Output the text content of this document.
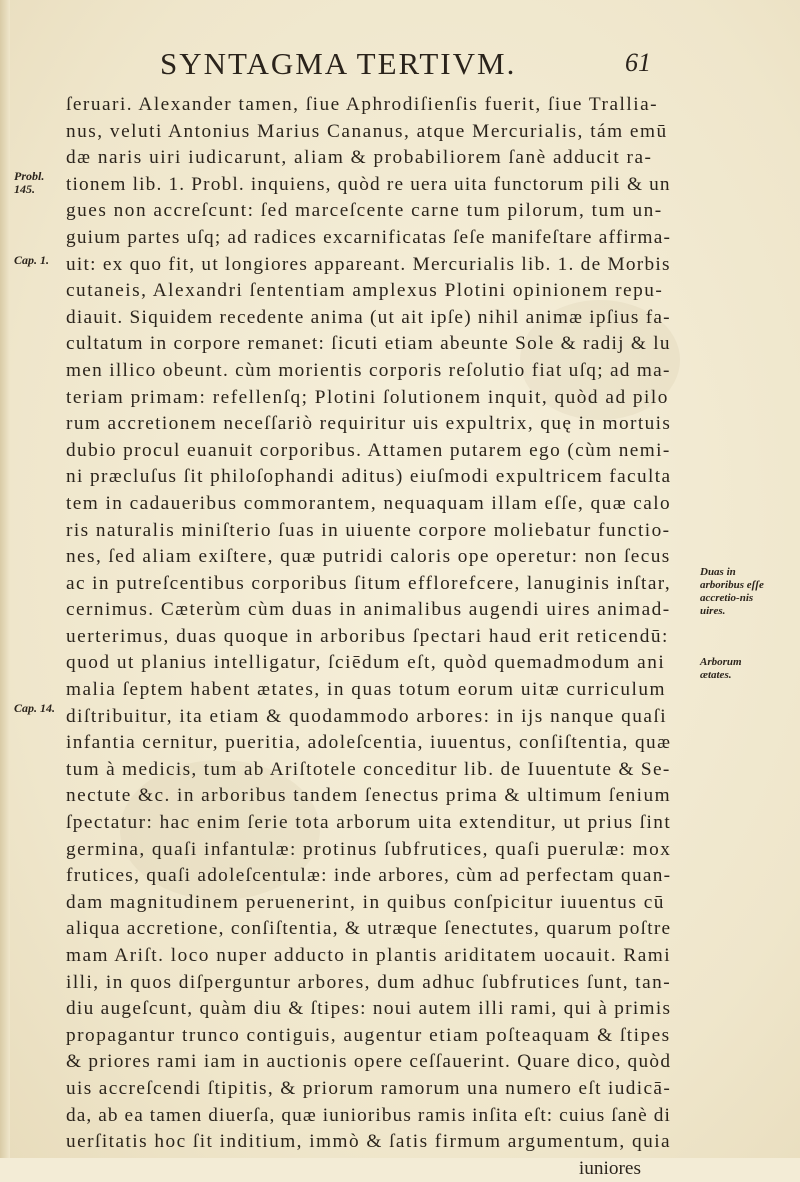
SYNTAGMA TERTIVM.	61
Probl. 145.
Cap. 1.
Cap. 14.
Duas in arboribus eſſe accretio-nis uires.
Arborum ætates.
ſeruari. Alexander tamen, ſiue Aphrodiſienſis fuerit, ſiue Trallia-
nus, veluti Antonius Marius Cananus, atque Mercurialis, tám emū
dæ naris uiri iudicarunt, aliam & probabiliorem ſanè adducit ra-
tionem lib. 1. Probl. inquiens, quòd re uera uita functorum pili & un
gues non accreſcunt: ſed marceſcente carne tum pilorum, tum un-
guium partes uſq; ad radices excarnificatas ſeſe manifeſtare affirma-
uit: ex quo fit, ut longiores appareant. Mercurialis lib. 1. de Morbis
cutaneis, Alexandri ſententiam amplexus Plotini opinionem repu-
diauit. Siquidem recedente anima (ut ait ipſe) nihil animæ ipſius fa-
cultatum in corpore remanet: ſicuti etiam abeunte Sole & radij & lu
men illico obeunt. cùm morientis corporis reſolutio fiat uſq; ad ma-
teriam primam: refellenſq; Plotini ſolutionem inquit, quòd ad pilo
rum accretionem neceſſariò requiritur uis expultrix, quę in mortuis
dubio procul euanuit corporibus. Attamen putarem ego (cùm nemi-
ni præcluſus ſit philoſophandi aditus) eiuſmodi expultricem faculta
tem in cadaueribus commorantem, nequaquam illam eſſe, quæ calo
ris naturalis miniſterio ſuas in uiuente corpore moliebatur functio-
nes, ſed aliam exiſtere, quæ putridi caloris ope operetur: non ſecus
ac in putreſcentibus corporibus ſitum efflorefcere, lanuginis inſtar,
cernimus. Cæterùm cùm duas in animalibus augendi uires animad-
uerterimus, duas quoque in arboribus ſpectari haud erit reticendū:
quod ut planius intelligatur, ſciēdum eſt, quòd quemadmodum ani
malia ſeptem habent ætates, in quas totum eorum uitæ curriculum
diſtribuitur, ita etiam & quodammodo arbores: in ijs nanque quaſi
infantia cernitur, pueritia, adoleſcentia, iuuentus, conſiſtentia, quæ
tum à medicis, tum ab Ariſtotele conceditur lib. de Iuuentute & Se-
nectute &c. in arboribus tandem ſenectus prima & ultimum ſenium
ſpectatur: hac enim ſerie tota arborum uita extenditur, ut prius ſint
germina, quaſi infantulæ: protinus ſubfrutices, quaſi puerulæ: mox
frutices, quaſi adoleſcentulæ: inde arbores, cùm ad perfectam quan-
dam magnitudinem peruenerint, in quibus conſpicitur iuuentus cū
aliqua accretione, conſiſtentia, & utræque ſenectutes, quarum poſtre
mam Ariſt. loco nuper adducto in plantis ariditatem uocauit. Rami
illi, in quos diſperguntur arbores, dum adhuc ſubfrutices ſunt, tan-
diu augeſcunt, quàm diu & ſtipes: noui autem illi rami, qui à primis
propagantur trunco contiguis, augentur etiam poſteaquam & ſtipes
& priores rami iam in auctionis opere ceſſauerint. Quare dico, quòd
uis accreſcendi ſtipitis, & priorum ramorum una numero eſt iudicā-
da, ab ea tamen diuerſa, quæ iunioribus ramis inſita eſt: cuius ſanè di
uerſitatis hoc ſit inditium, immò & ſatis firmum argumentum, quia
iuniores
